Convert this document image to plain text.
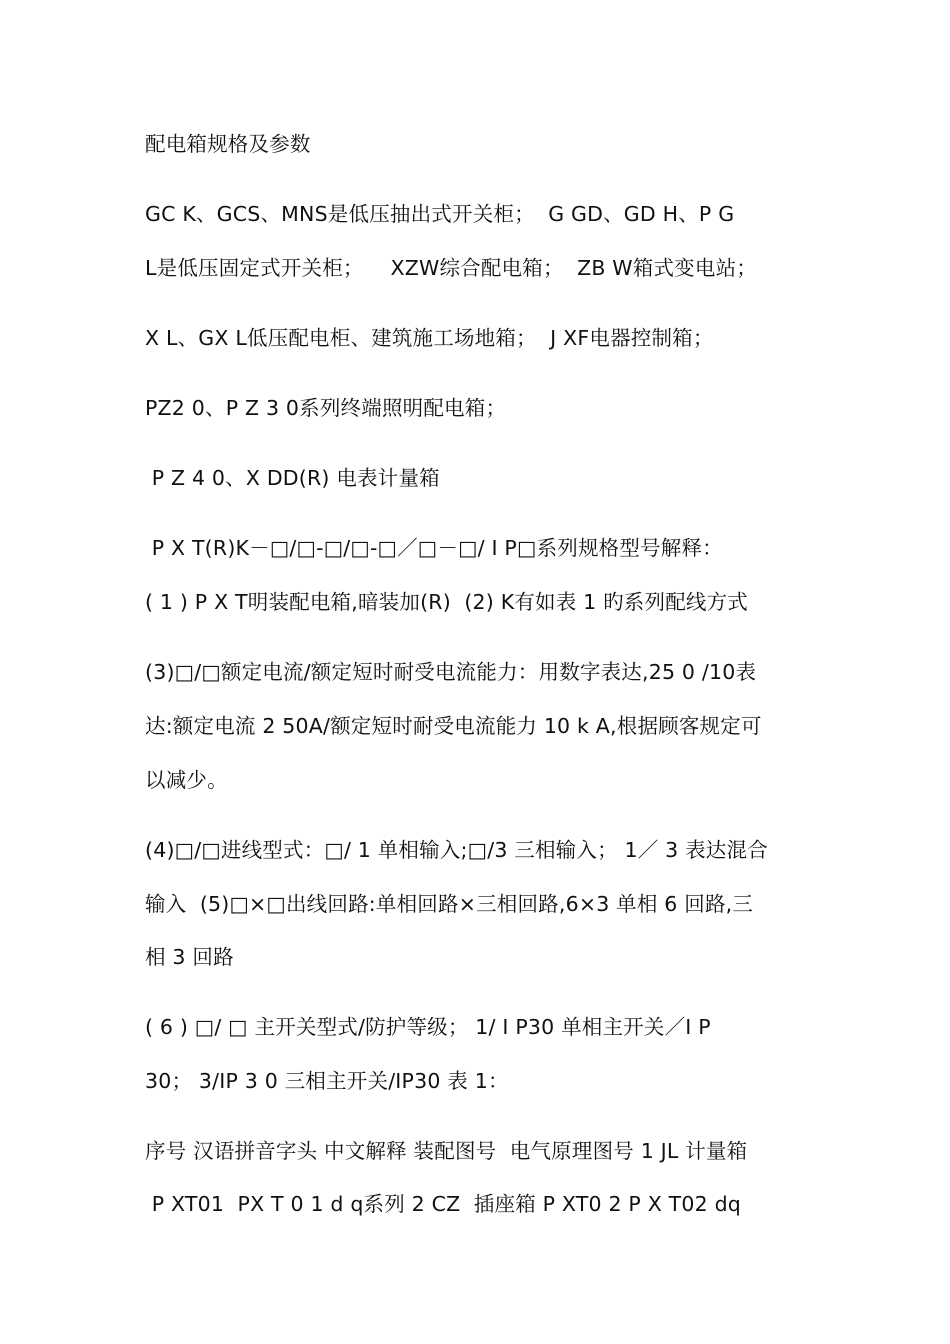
配电箱规格及参数
GC K、GCS、MNS是低压抽出式开关柜；  G GD、GD H、P G
L是低压固定式开关柜；    XZW综合配电箱；  ZB W箱式变电站；
X L、GX L低压配电柜、建筑施工场地箱；  J XF电器控制箱；
PZ2 0、P Z 3 0系列终端照明配电箱；
P Z 4 0、X DD(R) 电表计量箱
P X T(R)K－□/□-□/□-□／□－□/ I P□系列规格型号解释：
( 1 ) P X T明装配电箱,暗装加(R)  (2) K有如表 1 旳系列配线方式
(3)□/□额定电流/额定短时耐受电流能力：用数字表达,25 0 /10表
达:额定电流 2 50A/额定短时耐受电流能力 10 k A,根据顾客规定可
以减少。
(4)□/□进线型式：□/ 1 单相输入;□/3 三相输入； 1／ 3 表达混合
输入  (5)□×□出线回路:单相回路×三相回路,6×3 单相 6 回路,三
相 3 回路
( 6 ) □/ □ 主开关型式/防护等级； 1/ I P30 单相主开关／I P
30； 3/IP 3 0 三相主开关/IP30 表 1：
序号 汉语拼音字头 中文解释 装配图号  电气原理图号 1 JL 计量箱
P XT01  PX T 0 1 d q系列 2 CZ  插座箱 P XT0 2 P X T02 dq
